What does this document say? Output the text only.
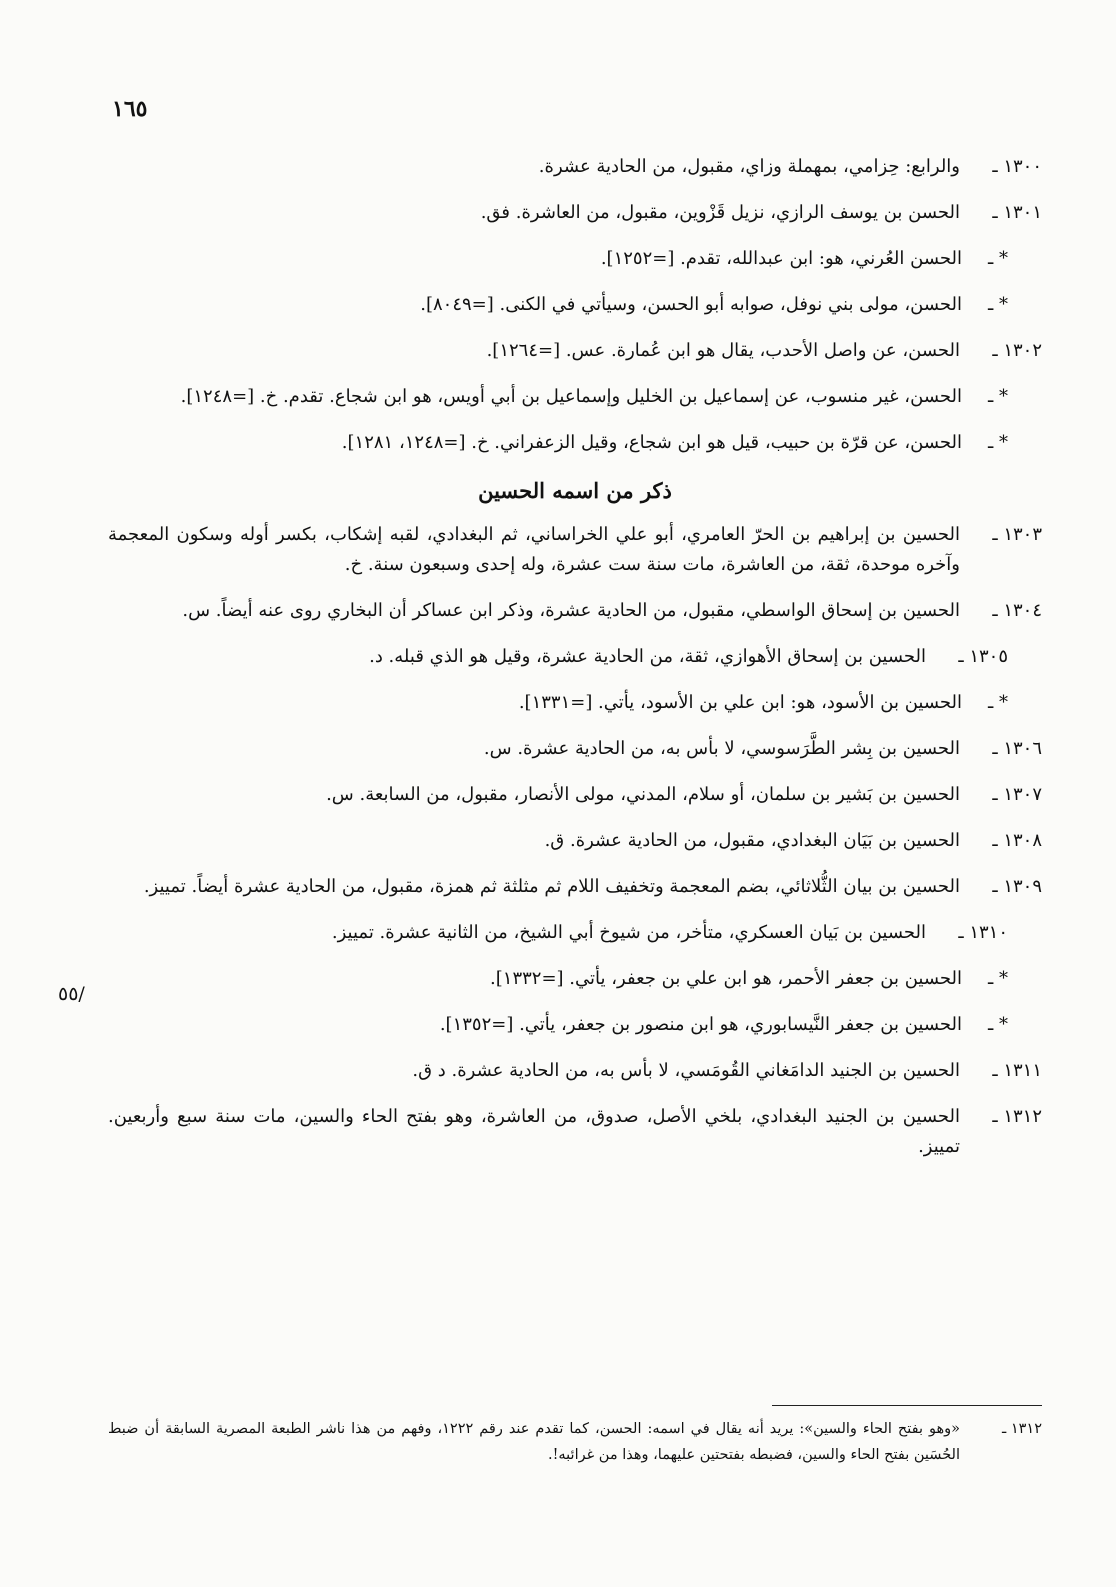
١٦٥
/٥٥
١٣٠٠ ـ
والرابع: حِزامي، بمهملة وزاي، مقبول، من الحادية عشرة.
١٣٠١ ـ
الحسن بن يوسف الرازي، نزيل قَزْوين، مقبول، من العاشرة. فق.
* ـ
الحسن العُرني، هو: ابن عبدالله، تقدم. [=١٢٥٢].
* ـ
الحسن، مولى بني نوفل، صوابه أبو الحسن، وسيأتي في الكنى. [=٨٠٤٩].
١٣٠٢ ـ
الحسن، عن واصل الأحدب، يقال هو ابن عُمارة. عس. [=١٢٦٤].
* ـ
الحسن، غير منسوب، عن إسماعيل بن الخليل وإسماعيل بن أبي أويس، هو ابن شجاع. تقدم. خ. [=١٢٤٨].
* ـ
الحسن، عن قرّة بن حبيب، قيل هو ابن شجاع، وقيل الزعفراني. خ. [=١٢٤٨، ١٢٨١].
ذكر من اسمه الحسين
١٣٠٣ ـ
الحسين بن إبراهيم بن الحرّ العامري، أبو علي الخراساني، ثم البغدادي، لقبه إشكاب، بكسر أوله وسكون المعجمة وآخره موحدة، ثقة، من العاشرة، مات سنة ست عشرة، وله إحدى وسبعون سنة. خ.
١٣٠٤ ـ
الحسين بن إسحاق الواسطي، مقبول، من الحادية عشرة، وذكر ابن عساكر أن البخاري روى عنه أيضاً. س.
١٣٠٥ ـ
الحسين بن إسحاق الأهوازي، ثقة، من الحادية عشرة، وقيل هو الذي قبله. د.
* ـ
الحسين بن الأسود، هو: ابن علي بن الأسود، يأتي. [=١٣٣١].
١٣٠٦ ـ
الحسين بن بِشر الطَّرَسوسي، لا بأس به، من الحادية عشرة. س.
١٣٠٧ ـ
الحسين بن بَشير بن سلمان، أو سلام، المدني، مولى الأنصار، مقبول، من السابعة. س.
١٣٠٨ ـ
الحسين بن بَيَان البغدادي، مقبول، من الحادية عشرة. ق.
١٣٠٩ ـ
الحسين بن بيان الثُّلاثائي، بضم المعجمة وتخفيف اللام ثم مثلثة ثم همزة، مقبول، من الحادية عشرة أيضاً. تمييز.
١٣١٠ ـ
الحسين بن بَيان العسكري، متأخر، من شيوخ أبي الشيخ، من الثانية عشرة. تمييز.
* ـ
الحسين بن جعفر الأحمر، هو ابن علي بن جعفر، يأتي. [=١٣٣٢].
* ـ
الحسين بن جعفر النَّيسابوري، هو ابن منصور بن جعفر، يأتي. [=١٣٥٢].
١٣١١ ـ
الحسين بن الجنيد الدامَغاني القُومَسي، لا بأس به، من الحادية عشرة. د ق.
١٣١٢ ـ
الحسين بن الجنيد البغدادي، بلخي الأصل، صدوق، من العاشرة، وهو بفتح الحاء والسين، مات سنة سبع وأربعين. تمييز.
١٣١٢ ـ
«وهو بفتح الحاء والسين»: يريد أنه يقال في اسمه: الحسن، كما تقدم عند رقم ١٢٢٢، وفهم من هذا ناشر الطبعة المصرية السابقة أن ضبط الحُسَين بفتح الحاء والسين، فضبطه بفتحتين عليهما، وهذا من غرائبه!.
